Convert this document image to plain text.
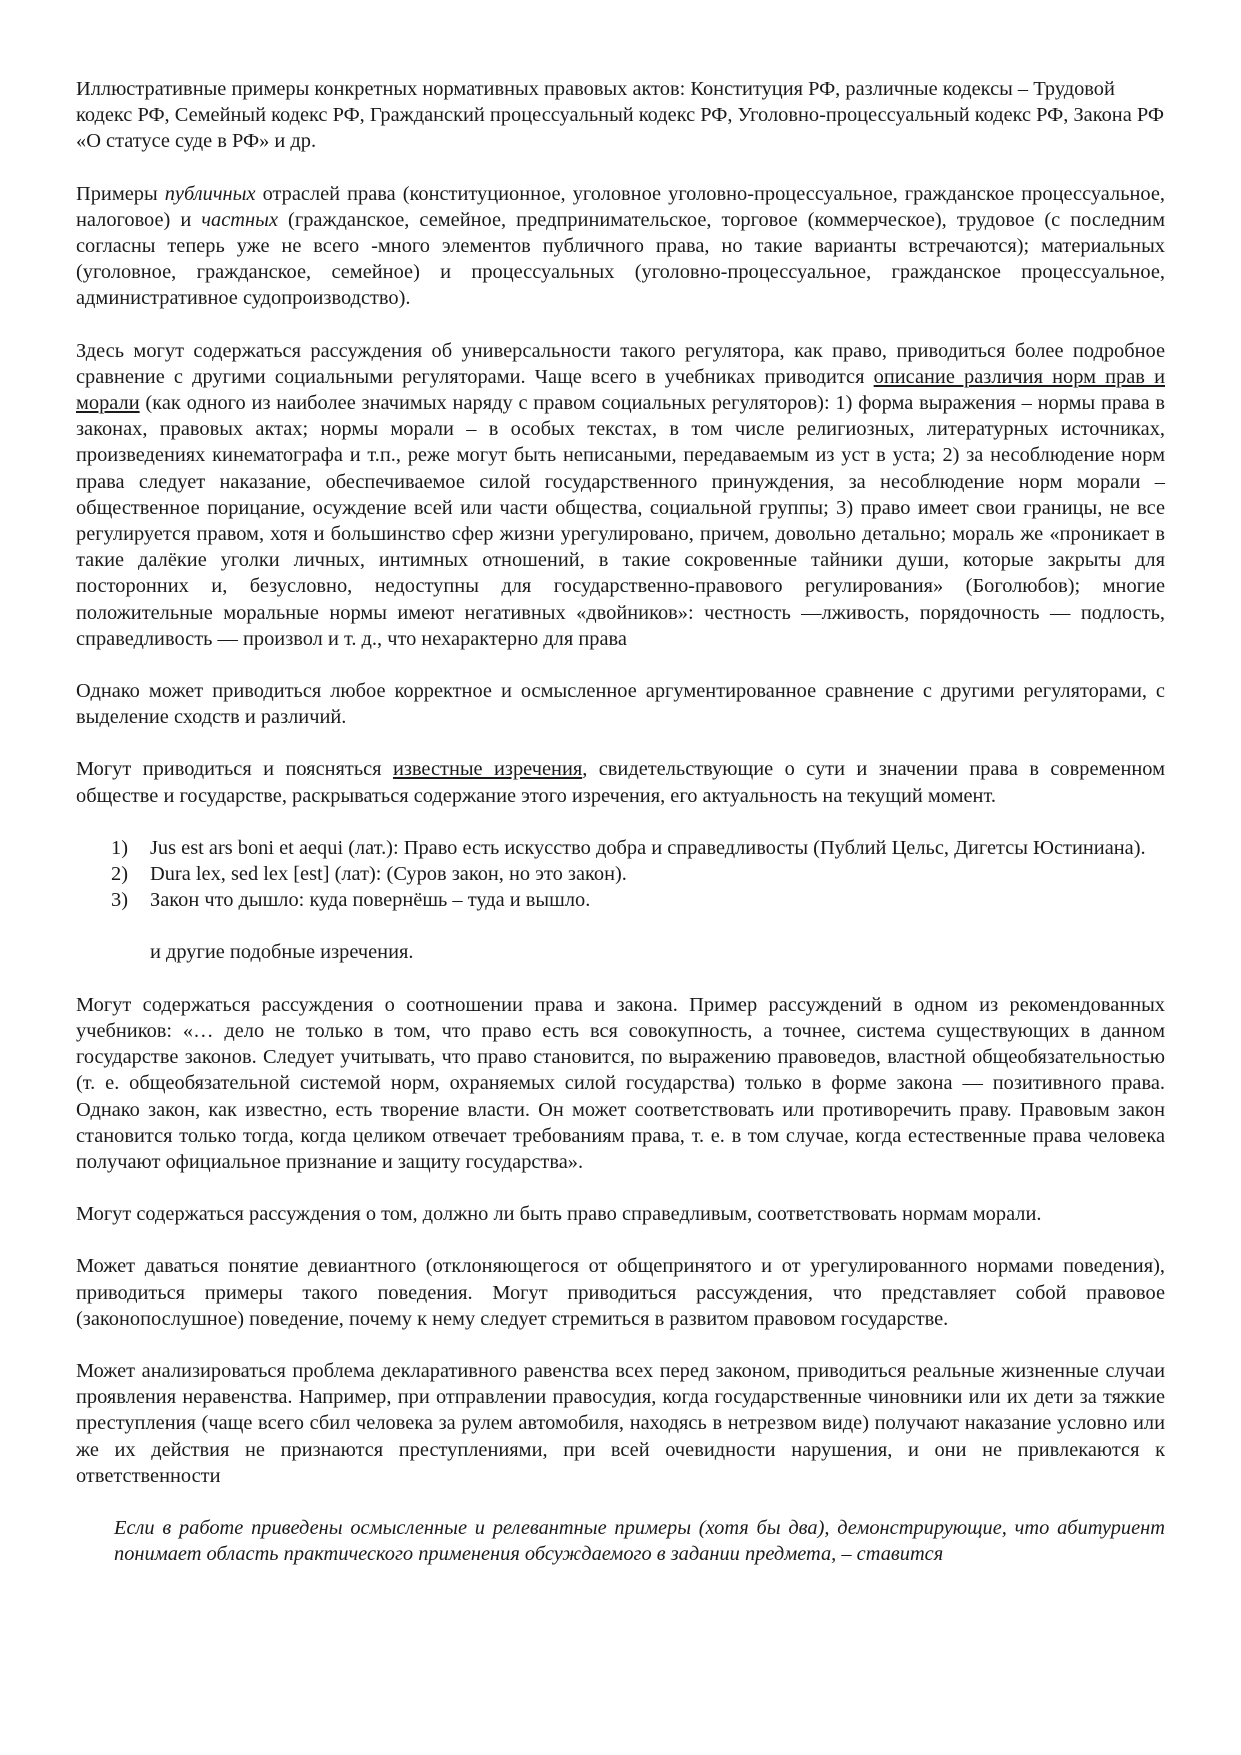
Иллюстративные примеры конкретных нормативных правовых актов: Конституция РФ, различные кодексы – Трудовой кодекс РФ, Семейный кодекс РФ, Гражданский процессуальный кодекс РФ, Уголовно-процессуальный кодекс РФ, Закона РФ «О статусе суде в РФ» и др.

Примеры публичных отраслей права (конституционное, уголовное уголовно-процессуальное, гражданское процессуальное, налоговое) и частных (гражданское, семейное, предпринимательское, торговое (коммерческое), трудовое (с последним согласны теперь уже не всего -много элементов публичного права, но такие варианты встречаются); материальных (уголовное, гражданское, семейное) и процессуальных (уголовно-процессуальное, гражданское процессуальное, административное судопроизводство).

Здесь могут содержаться рассуждения об универсальности такого регулятора, как право, приводиться более подробное сравнение с другими социальными регуляторами. Чаще всего в учебниках приводится описание различия норм прав и морали (как одного из наиболее значимых наряду с правом социальных регуляторов): 1) форма выражения – нормы права в законах, правовых актах; нормы морали – в особых текстах, в том числе религиозных, литературных источниках, произведениях кинематографа и т.п., реже могут быть неписаными, передаваемым из уст в уста; 2) за несоблюдение норм права следует наказание, обеспечиваемое силой государственного принуждения, за несоблюдение норм морали – общественное порицание, осуждение всей или части общества, социальной группы; 3) право имеет свои границы, не все регулируется правом, хотя и большинство сфер жизни урегулировано, причем, довольно детально; мораль же «проникает в такие далёкие уголки личных, интимных отношений, в такие сокровенные тайники души, которые закрыты для посторонних и, безусловно, недоступны для государственно-правового регулирования» (Боголюбов); многие положительные моральные нормы имеют негативных «двойников»: честность —лживость, порядочность — подлость, справедливость — произвол и т. д., что нехарактерно для права

Однако может приводиться любое корректное и осмысленное аргументированное сравнение с другими регуляторами, с выделение сходств и различий.

Могут приводиться и пояснятьcя известные изречения, свидетельствующие о сути и значении права в современном обществе и государстве, раскрываться содержание этого изречения, его актуальность на текущий момент.

1) Jus est ars boni et aequi (лат.): Право есть искусство добра и справедливосты (Публий Цельс, Дигетсы Юстиниана).
2) Dura lex, sed lex [est] (лат): (Суров закон, но это закон).
3) Закон что дышло: куда повернёшь – туда и вышло.

и другие подобные изречения.

Могут содержаться рассуждения о соотношении права и закона. Пример рассуждений в одном из рекомендованных учебников: «… дело не только в том, что право есть вся совокупность, а точнее, система существующих в данном государстве законов. Следует учитывать, что право становится, по выражению правоведов, властной общеобязательностью (т. е. общеобязательной системой норм, охраняемых силой государства) только в форме закона — позитивного права. Однако закон, как известно, есть творение власти. Он может соответствовать или противоречить праву. Правовым закон становится только тогда, когда целиком отвечает требованиям права, т. е. в том случае, когда естественные права человека получают официальное признание и защиту государства».

Могут содержаться рассуждения о том, должно ли быть право справедливым, соответствовать нормам морали.

Может даваться понятие девиантного (отклоняющегося от общепринятого и от урегулированного нормами поведения), приводиться примеры такого поведения. Могут приводиться рассуждения, что представляет собой правовое (законопослушное) поведение, почему к нему следует стремиться в развитом правовом государстве.

Может анализироваться проблема декларативного равенства всех перед законом, приводиться реальные жизненные случаи проявления неравенства. Например, при отправлении правосудия, когда государственные чиновники или их дети за тяжкие преступления (чаще всего сбил человека за рулем автомобиля, находясь в нетрезвом виде) получают наказание условно или же их действия не признаются преступлениями, при всей очевидности нарушения, и они не привлекаются к ответственности

Если в работе приведены осмысленные и релевантные примеры (хотя бы два), демонстрирующие, что абитуриент понимает область практического применения обсуждаемого в задании предмета, – ставится
